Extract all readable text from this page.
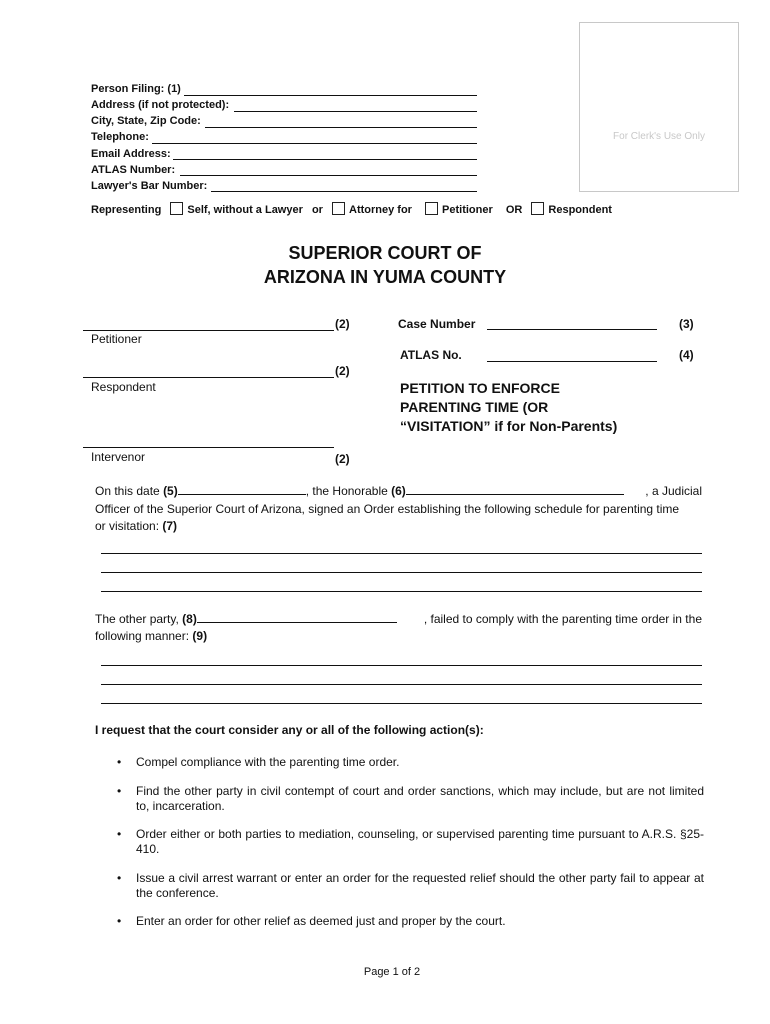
For Clerk's Use Only
Person Filing: (1)
Address (if not protected):
City, State, Zip Code:
Telephone:
Email Address:
ATLAS Number:
Lawyer's Bar Number:
Representing Self, without a Lawyer or Attorney for	Petitioner OR Respondent
SUPERIOR COURT OF
ARIZONA IN YUMA COUNTY
(2)
Petitioner
(2)
Respondent
Intervenor	(2)
Case Number	(3)
ATLAS No.	(4)
PETITION TO ENFORCE
PARENTING TIME (OR
“VISITATION” if for Non-Parents)
On this date (5)	, the Honorable (6)	, a Judicial
Officer of the Superior Court of Arizona, signed an Order establishing the following schedule for parenting time
or visitation: (7)
The other party, (8)	, failed to comply with the parenting time order in the
following manner: (9)
I request that the court consider any or all of the following action(s):
• Compel compliance with the parenting time order.
• Find the other party in civil contempt of court and order sanctions, which may include, but are not limited to, incarceration.
• Order either or both parties to mediation, counseling, or supervised parenting time pursuant to A.R.S. §25-410.
• Issue a civil arrest warrant or enter an order for the requested relief should the other party fail to appear at the conference.
• Enter an order for other relief as deemed just and proper by the court.
Page 1 of 2
